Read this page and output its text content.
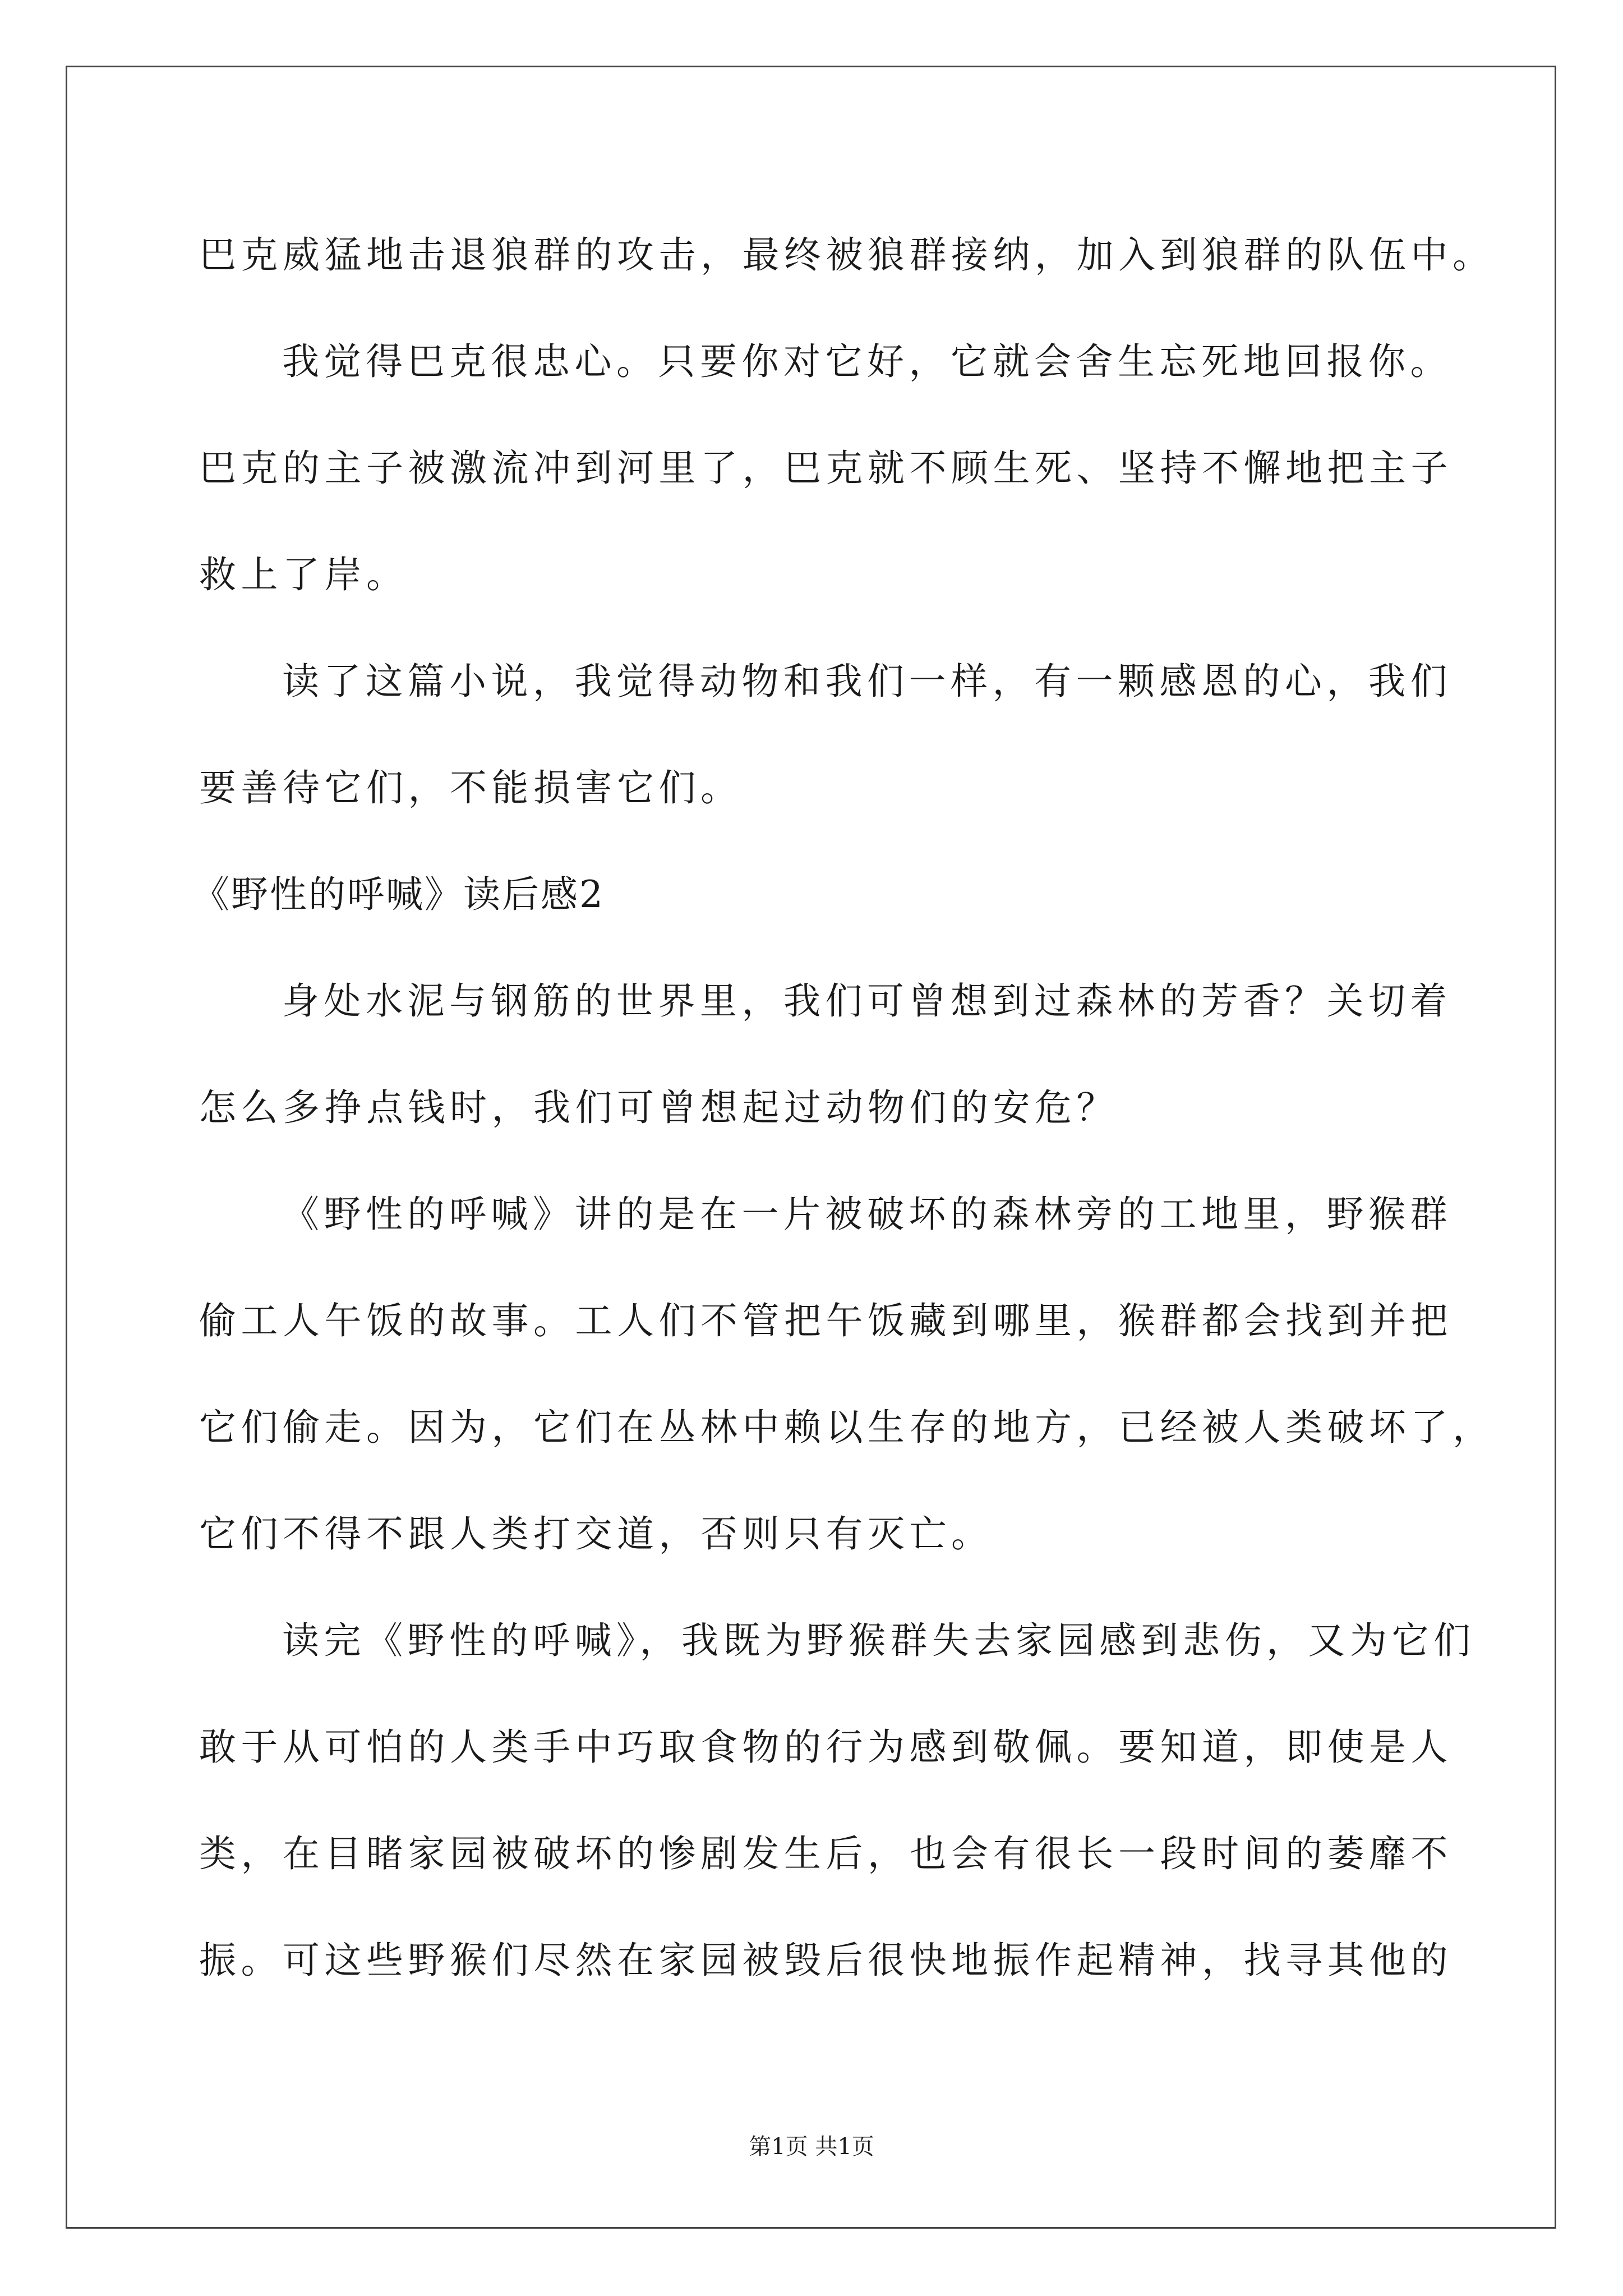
巴克威猛地击退狼群的攻击，最终被狼群接纳，加入到狼群的队伍中。
我觉得巴克很忠心。只要你对它好，它就会舍生忘死地回报你。
巴克的主子被激流冲到河里了，巴克就不顾生死、坚持不懈地把主子
救上了岸。
读了这篇小说，我觉得动物和我们一样，有一颗感恩的心，我们
要善待它们，不能损害它们。
《野性的呼喊》读后感2
身处水泥与钢筋的世界里，我们可曾想到过森林的芳香？关切着
怎么多挣点钱时，我们可曾想起过动物们的安危？
《野性的呼喊》讲的是在一片被破坏的森林旁的工地里，野猴群
偷工人午饭的故事。工人们不管把午饭藏到哪里，猴群都会找到并把
它们偷走。因为，它们在丛林中赖以生存的地方，已经被人类破坏了，
它们不得不跟人类打交道，否则只有灭亡。
读完《野性的呼喊》，我既为野猴群失去家园感到悲伤，又为它们
敢于从可怕的人类手中巧取食物的行为感到敬佩。要知道，即使是人
类，在目睹家园被破坏的惨剧发生后，也会有很长一段时间的萎靡不
振。可这些野猴们尽然在家园被毁后很快地振作起精神，找寻其他的
第1页 共1页
